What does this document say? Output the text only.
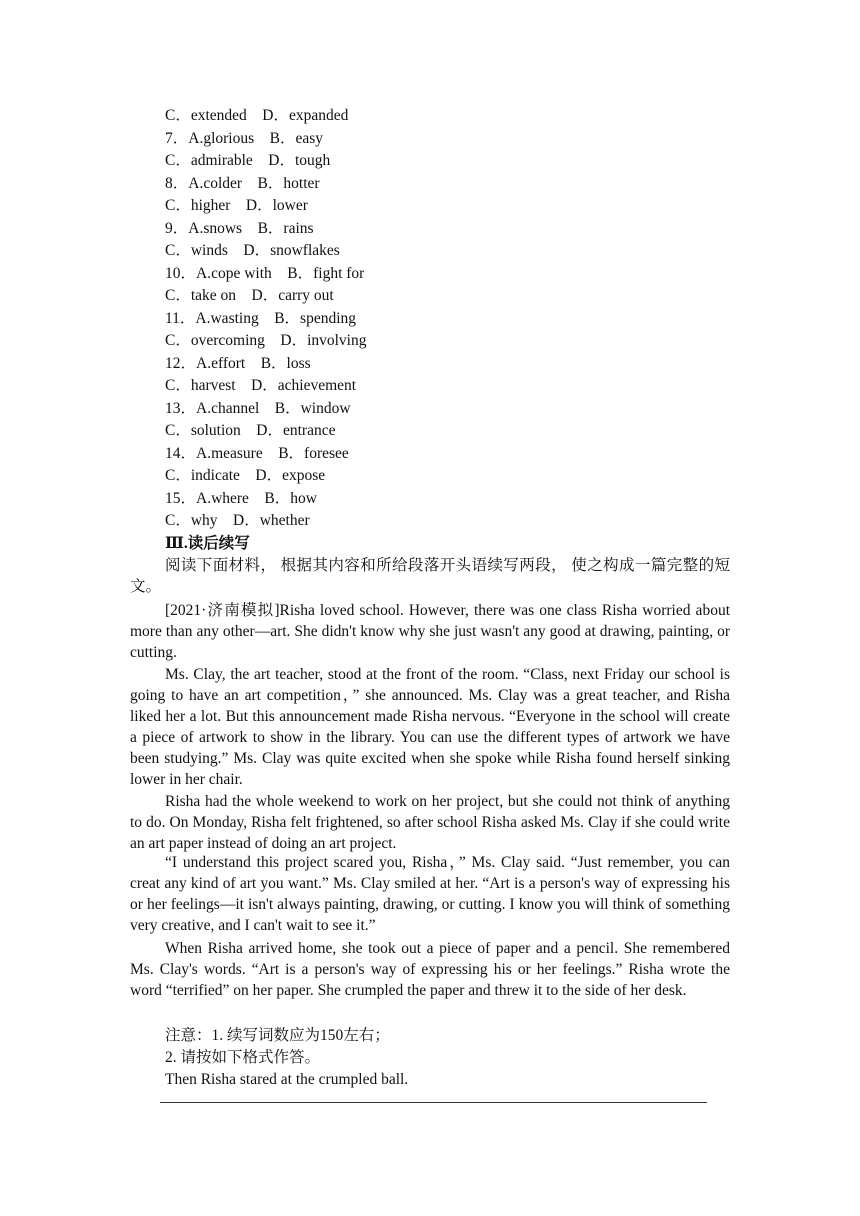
C．extended　D．expanded
7．A.glorious　B．easy
C．admirable　D．tough
8．A.colder　B．hotter
C．higher　D．lower
9．A.snows　B．rains
C．winds　D．snowflakes
10．A.cope with　B．fight for
C．take on　D．carry out
11．A.wasting　B．spending
C．overcoming　D．involving
12．A.effort　B．loss
C．harvest　D．achievement
13．A.channel　B．window
C．solution　D．entrance
14．A.measure　B．foresee
C．indicate　D．expose
15．A.where　B．how
C．why　D．whether
Ⅲ.读后续写
阅读下面材料， 根据其内容和所给段落开头语续写两段， 使之构成一篇完整的短文。
[2021·济南模拟]Risha loved school. However, there was one class Risha worried about more than any other—art. She didn't know why she just wasn't any good at drawing, painting, or cutting.
Ms. Clay, the art teacher, stood at the front of the room. “Class, next Friday our school is going to have an art competition，” she announced. Ms. Clay was a great teacher, and Risha liked her a lot. But this announcement made Risha nervous. “Everyone in the school will create a piece of artwork to show in the library. You can use the different types of artwork we have been studying.” Ms. Clay was quite excited when she spoke while Risha found herself sinking lower in her chair.
Risha had the whole weekend to work on her project, but she could not think of anything to do. On Monday, Risha felt frightened, so after school Risha asked Ms. Clay if she could write an art paper instead of doing an art project.
“I understand this project scared you, Risha，” Ms. Clay said. “Just remember, you can creat any kind of art you want.” Ms. Clay smiled at her. “Art is a person's way of expressing his or her feelings—it isn't always painting, drawing, or cutting. I know you will think of something very creative, and I can't wait to see it.”
When Risha arrived home, she took out a piece of paper and a pencil. She remembered Ms. Clay's words. “Art is a person's way of expressing his or her feelings.” Risha wrote the word “terrified” on her paper. She crumpled the paper and threw it to the side of her desk.
注意：1. 续写词数应为150左右；
2. 请按如下格式作答。
Then Risha stared at the crumpled ball.
